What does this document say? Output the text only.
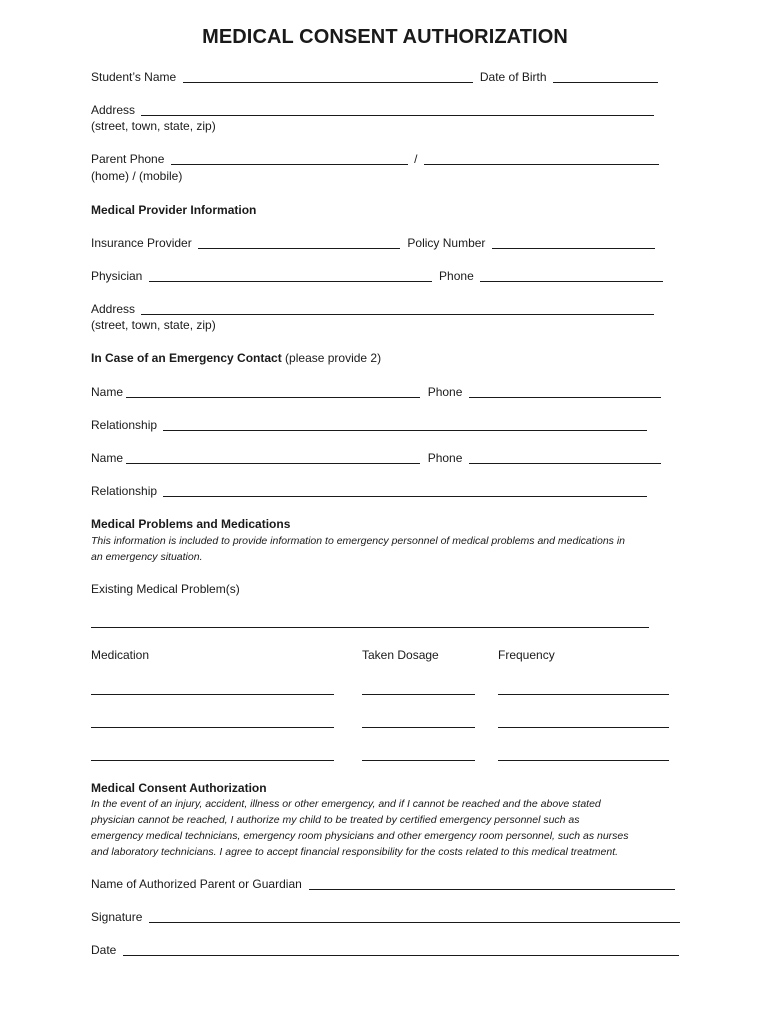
MEDICAL CONSENT AUTHORIZATION
Student’s Name	Date of Birth
Address
(street, town, state, zip)
Parent Phone	/
(home) / (mobile)
Medical Provider Information
Insurance Provider	Policy Number
Physician	Phone
Address
(street, town, state, zip)
In Case of an Emergency Contact (please provide 2)
Name	Phone
Relationship
Name	Phone
Relationship
Medical Problems and Medications

This information is included to provide information to emergency personnel of medical problems and medications in

an emergency situation.

Existing Medical Problem(s)
Medication	Taken Dosage	Frequency
Medical Consent Authorization

In the event of an injury, accident, illness or other emergency, and if I cannot be reached and the above stated

physician cannot be reached, I authorize my child to be treated by certified emergency personnel such as

emergency medical technicians, emergency room physicians and other emergency room personnel, such as nurses

and laboratory technicians. I agree to accept financial responsibility for the costs related to this medical treatment.

Name of Authorized Parent or Guardian
Signature
Date
